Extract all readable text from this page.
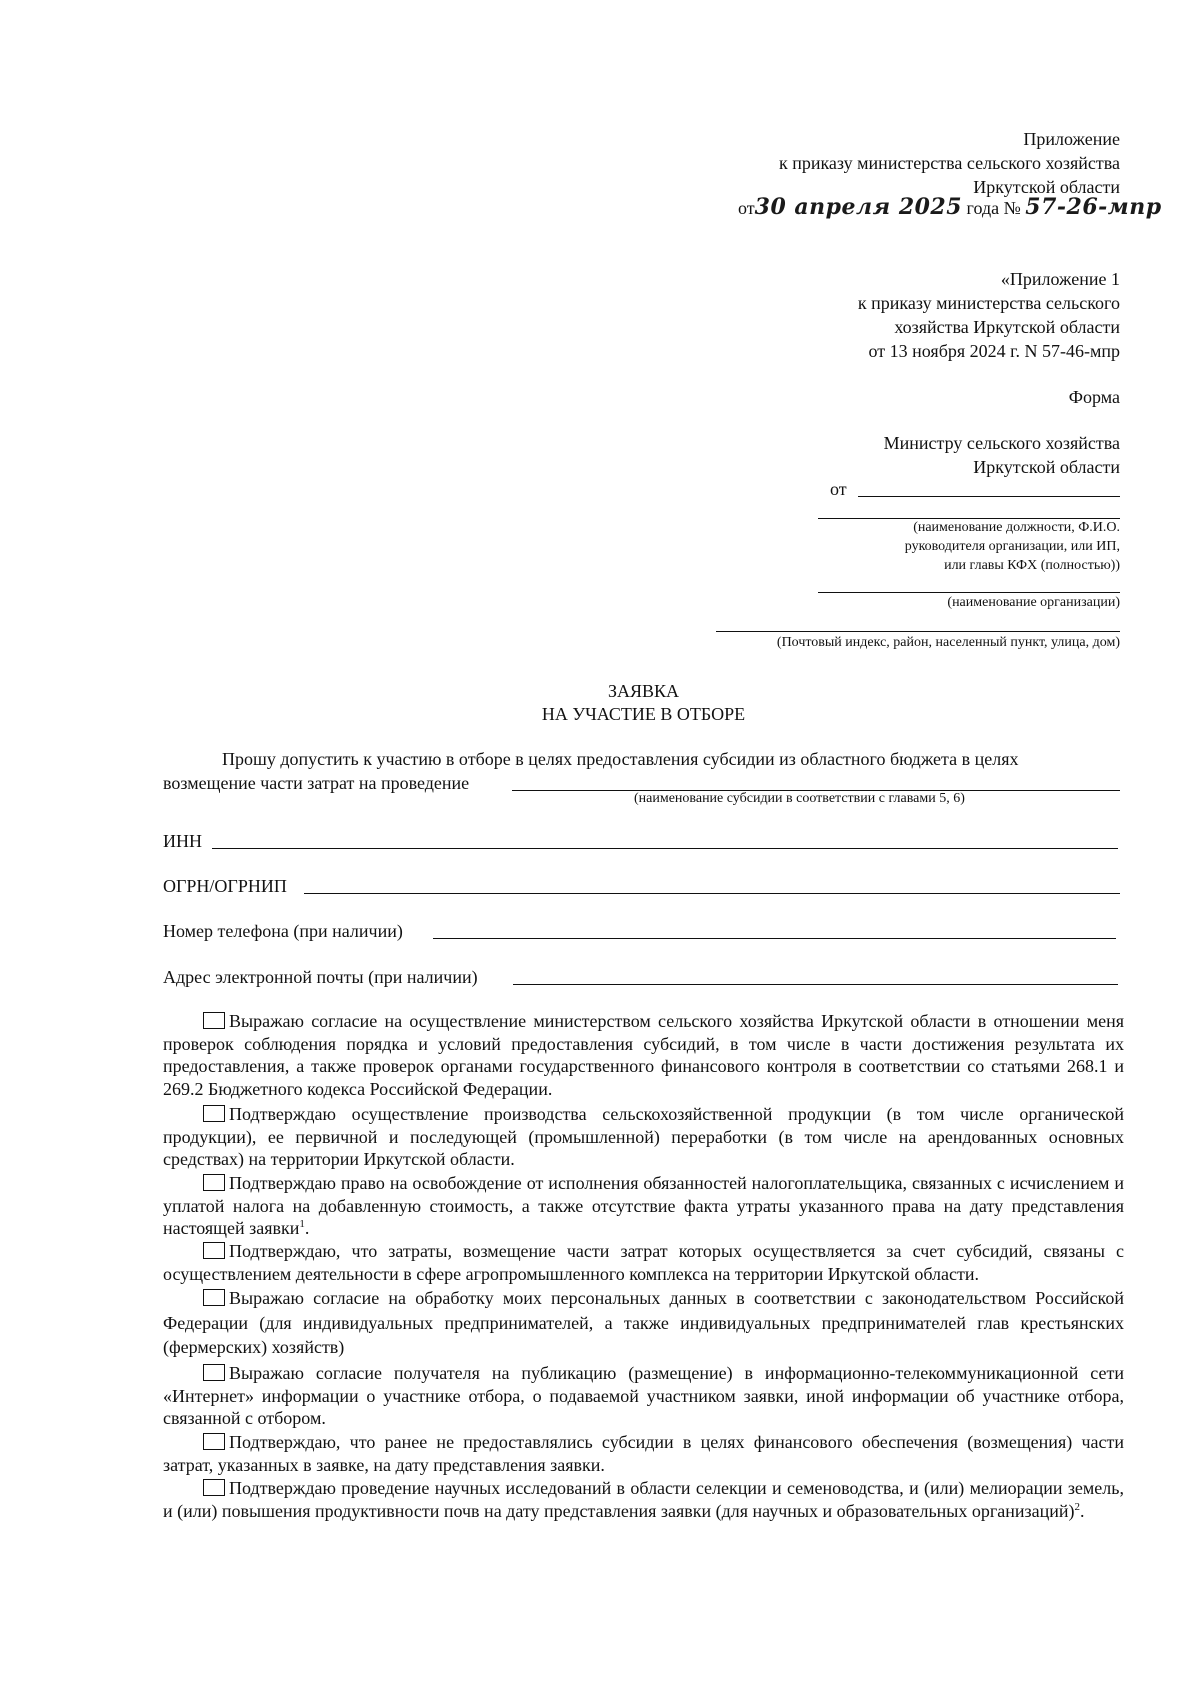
Приложение
к приказу министерства сельского хозяйства
Иркутской области
от30 апреля 2025 года № 57-26-мпр
«Приложение 1
к приказу министерства сельского
хозяйства Иркутской области
от 13 ноября 2024 г. N 57-46-мпр
Форма
Министру сельского хозяйства
Иркутской области
от
(наименование должности, Ф.И.О.
руководителя организации, или ИП,
или главы КФХ (полностью))
(наименование организации)
(Почтовый индекс, район, населенный пункт, улица, дом)
ЗАЯВКА
НА УЧАСТИЕ В ОТБОРЕ
Прошу допустить к участию в отборе в целях предоставления субсидии из областного бюджета в целях
возмещение части затрат на проведение
(наименование субсидии в соответствии с главами 5, 6)
ИНН
ОГРН/ОГРНИП
Номер телефона (при наличии)
Адрес электронной почты (при наличии)
Выражаю согласие на осуществление министерством сельского хозяйства Иркутской области в отношении меня проверок соблюдения порядка и условий предоставления субсидий, в том числе в части достижения результата их предоставления, а также проверок органами государственного финансового контроля в соответствии со статьями 268.1 и 269.2 Бюджетного кодекса Российской Федерации.
Подтверждаю осуществление производства сельскохозяйственной продукции (в том числе органической продукции), ее первичной и последующей (промышленной) переработки (в том числе на арендованных основных средствах) на территории Иркутской области.
Подтверждаю право на освобождение от исполнения обязанностей налогоплательщика, связанных с исчислением и уплатой налога на добавленную стоимость, а также отсутствие факта утраты указанного права на дату представления настоящей заявки$^1$.
Подтверждаю, что затраты, возмещение части затрат которых осуществляется за счет субсидий, связаны с осуществлением деятельности в сфере агропромышленного комплекса на территории Иркутской области.
Выражаю согласие на обработку моих персональных данных в соответствии с законодательством Российской Федерации (для индивидуальных предпринимателей, а также индивидуальных предпринимателей глав крестьянских (фермерских) хозяйств)
Выражаю согласие получателя на публикацию (размещение) в информационно-телекоммуникационной сети «Интернет» информации о участнике отбора, о подаваемой участником заявки, иной информации об участнике отбора, связанной с отбором.
Подтверждаю, что ранее не предоставлялись субсидии в целях финансового обеспечения (возмещения) части затрат, указанных в заявке, на дату представления заявки.
Подтверждаю проведение научных исследований в области селекции и семеноводства, и (или) мелиорации земель, и (или) повышения продуктивности почв на дату представления заявки (для научных и образовательных организаций)$^2$.
